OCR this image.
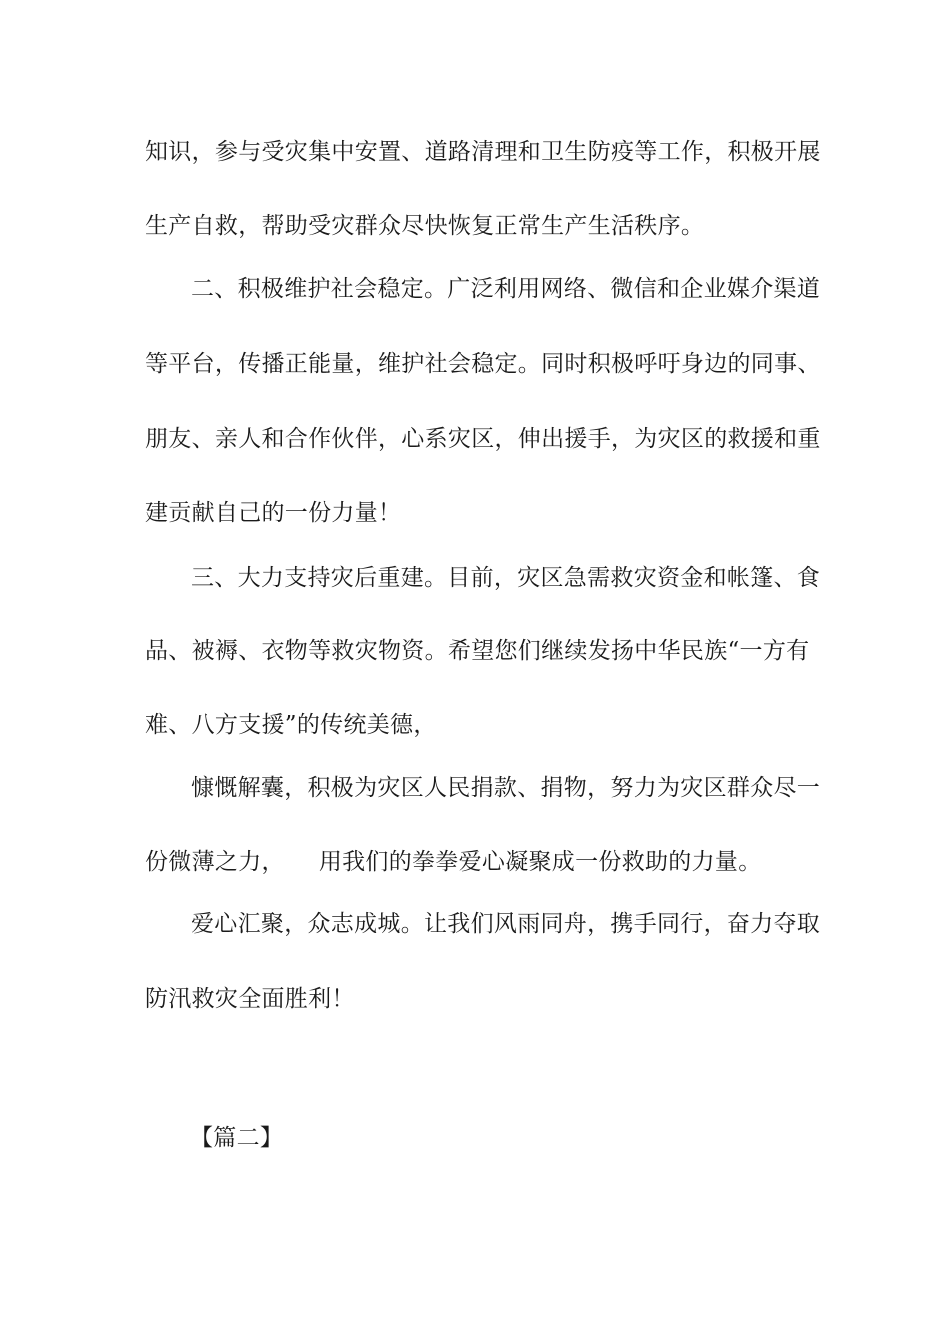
知识，参与受灾集中安置、道路清理和卫生防疫等工作，积极开展
生产自救，帮助受灾群众尽快恢复正常生产生活秩序。
二、积极维护社会稳定。广泛利用网络、微信和企业媒介渠道
等平台，传播正能量，维护社会稳定。同时积极呼吁身边的同事、
朋友、亲人和合作伙伴，心系灾区，伸出援手，为灾区的救援和重
建贡献自己的一份力量！
三、大力支持灾后重建。目前，灾区急需救灾资金和帐篷、食
品、被褥、衣物等救灾物资。希望您们继续发扬中华民族“一方有
难、八方支援”的传统美德，
慷慨解囊，积极为灾区人民捐款、捐物，努力为灾区群众尽一
份微薄之力， 用我们的拳拳爱心凝聚成一份救助的力量。
爱心汇聚，众志成城。让我们风雨同舟，携手同行，奋力夺取
防汛救灾全面胜利！
【篇二】
